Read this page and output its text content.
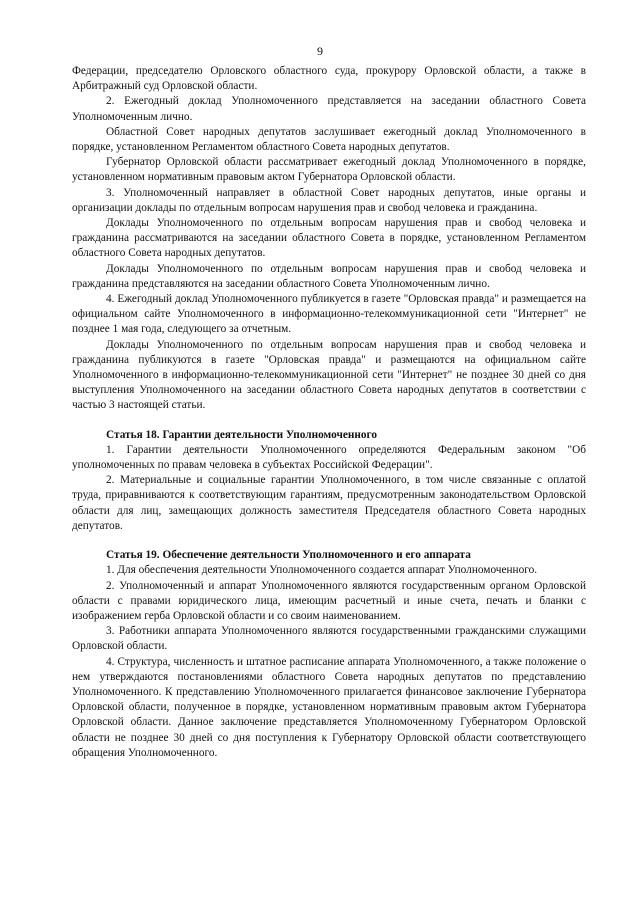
9

Федерации, председателю Орловского областного суда, прокурору Орловской области, а также в Арбитражный суд Орловской области.

2. Ежегодный доклад Уполномоченного представляется на заседании областного Совета Уполномоченным лично.

Областной Совет народных депутатов заслушивает ежегодный доклад Уполномоченного в порядке, установленном Регламентом областного Совета народных депутатов.

Губернатор Орловской области рассматривает ежегодный доклад Уполномоченного в порядке, установленном нормативным правовым актом Губернатора Орловской области.

3. Уполномоченный направляет в областной Совет народных депутатов, иные органы и организации доклады по отдельным вопросам нарушения прав и свобод человека и гражданина.

Доклады Уполномоченного по отдельным вопросам нарушения прав и свобод человека и гражданина рассматриваются на заседании областного Совета в порядке, установленном Регламентом областного Совета народных депутатов.

Доклады Уполномоченного по отдельным вопросам нарушения прав и свобод человека и гражданина представляются на заседании областного Совета Уполномоченным лично.

4. Ежегодный доклад Уполномоченного публикуется в газете "Орловская правда" и размещается на официальном сайте Уполномоченного в информационно-телекоммуникационной сети "Интернет" не позднее 1 мая года, следующего за отчетным.

Доклады Уполномоченного по отдельным вопросам нарушения прав и свобод человека и гражданина публикуются в газете "Орловская правда" и размещаются на официальном сайте Уполномоченного в информационно-телекоммуникационной сети "Интернет" не позднее 30 дней со дня выступления Уполномоченного на заседании областного Совета народных депутатов в соответствии с частью 3 настоящей статьи.

Статья 18. Гарантии деятельности Уполномоченного

1. Гарантии деятельности Уполномоченного определяются Федеральным законом "Об уполномоченных по правам человека в субъектах Российской Федерации".

2. Материальные и социальные гарантии Уполномоченного, в том числе связанные с оплатой труда, приравниваются к соответствующим гарантиям, предусмотренным законодательством Орловской области для лиц, замещающих должность заместителя Председателя областного Совета народных депутатов.

Статья 19. Обеспечение деятельности Уполномоченного и его аппарата

1. Для обеспечения деятельности Уполномоченного создается аппарат Уполномоченного.

2. Уполномоченный и аппарат Уполномоченного являются государственным органом Орловской области с правами юридического лица, имеющим расчетный и иные счета, печать и бланки с изображением герба Орловской области и со своим наименованием.

3. Работники аппарата Уполномоченного являются государственными гражданскими служащими Орловской области.

4. Структура, численность и штатное расписание аппарата Уполномоченного, а также положение о нем утверждаются постановлениями областного Совета народных депутатов по представлению Уполномоченного. К представлению Уполномоченного прилагается финансовое заключение Губернатора Орловской области, полученное в порядке, установленном нормативным правовым актом Губернатора Орловской области. Данное заключение представляется Уполномоченному Губернатором Орловской области не позднее 30 дней со дня поступления к Губернатору Орловской области соответствующего обращения Уполномоченного.
